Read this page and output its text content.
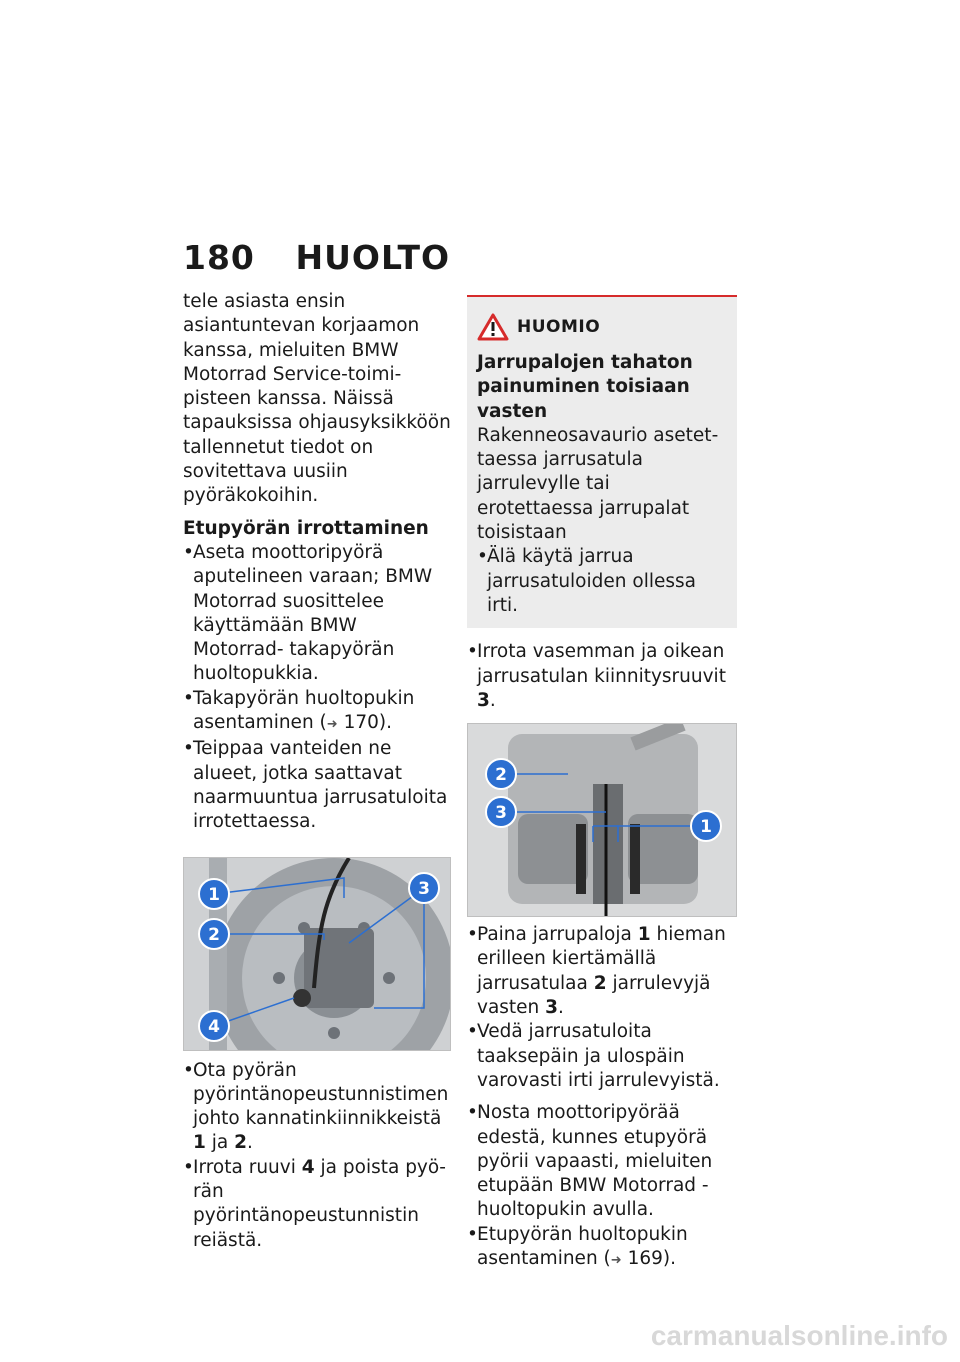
180 HUOLTO

tele asiasta ensin asiantuntevan korjaamon kanssa, mieluiten BMW Motorrad Service-toimipisteen kanssa. Näissä tapauksissa ohjausyksikköön tallennetut tiedot on sovitettava uusiin pyöräkokoihin.

Etupyörän irrottaminen

• Aseta moottoripyörä aputelineen varaan; BMW Motorrad suosittelee käyttämään BMW Motorrad- takapyörän huoltopukkia.
• Takapyörän huoltopukin asentaminen (➜ 170).
• Teippaa vanteiden ne alueet, jotka saattavat naarmuuntua jarrusatuloita irrotettaessa.
1
2
3
4
• Ota pyörän pyörintänopeustunnistimen johto kannatinkiinnikkeistä 1 ja 2.
• Irrota ruuvi 4 ja poista pyörän pyörintänopeustunnistin reiästä.
HUOMIO

Jarrupalojen tahaton painuminen toisiaan vasten

Rakenneosavaurio asetettaessa jarrusatula jarrulevylle tai erotettaessa jarrupalat toisistaan

• Älä käytä jarrua jarrusatuloiden ollessa irti.
• Irrota vasemman ja oikean jarrusatulan kiinnitysruuvit 3.
2
3
1
• Paina jarrupaloja 1 hieman erilleen kiertämällä jarrusatulaa 2 jarrulevyjä vasten 3.
• Vedä jarrusatuloita taaksepäin ja ulospäin varovasti irti jarrulevyistä.
• Nosta moottoripyörää edestä, kunnes etupyörä pyörii vapaasti, mieluiten etupään BMW Motorrad -huoltopukin avulla.
• Etupyörän huoltopukin asentaminen (➜ 169).
carmanualsonline.info
